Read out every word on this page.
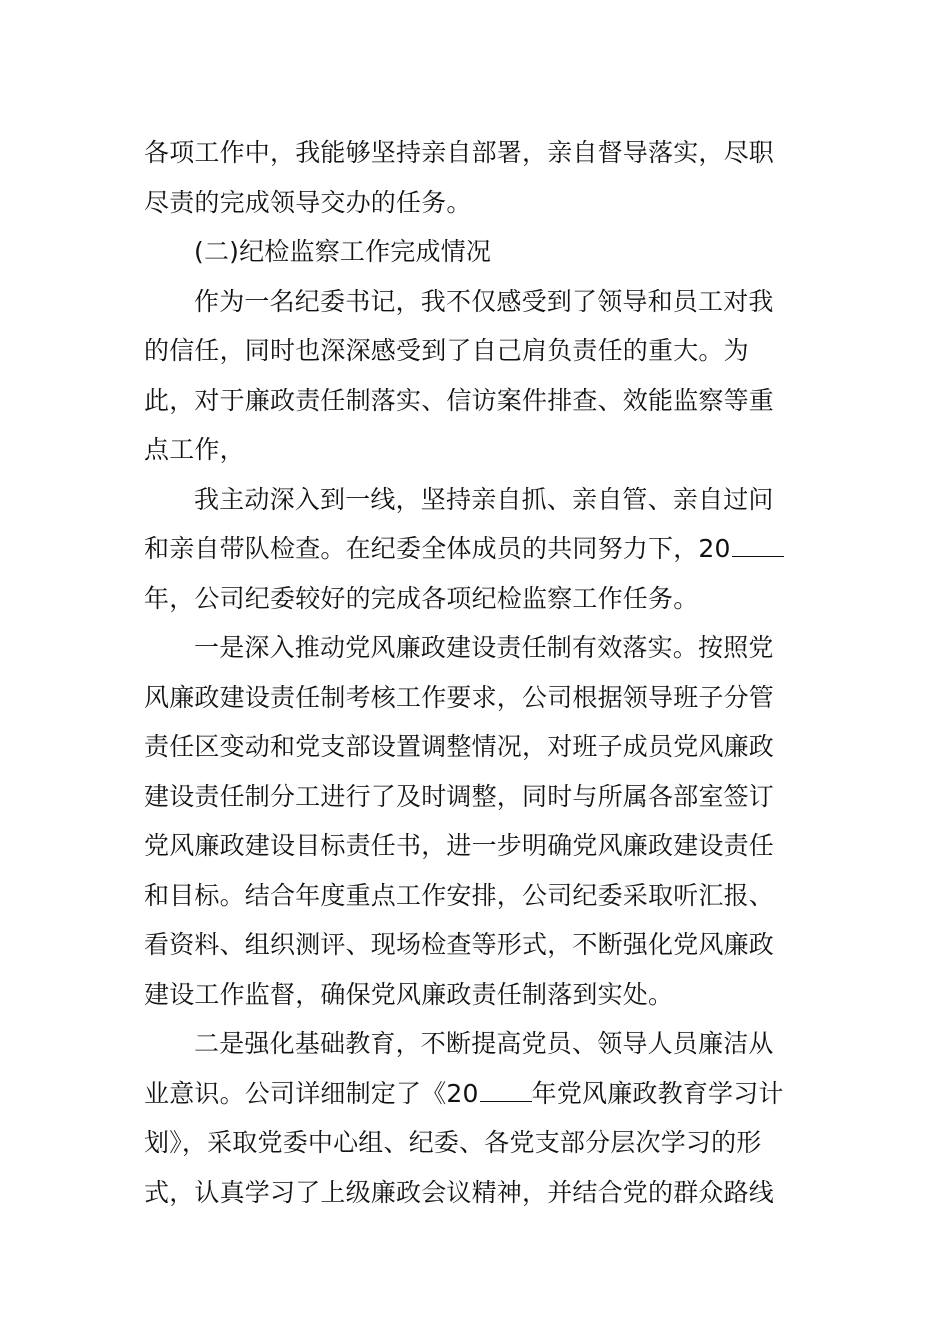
各项工作中，我能够坚持亲自部署，亲自督导落实，尽职
尽责的完成领导交办的任务。
(二)纪检监察工作完成情况
作为一名纪委书记，我不仅感受到了领导和员工对我
的信任，同时也深深感受到了自己肩负责任的重大。为
此，对于廉政责任制落实、信访案件排查、效能监察等重
点工作，
我主动深入到一线，坚持亲自抓、亲自管、亲自过问
和亲自带队检查。在纪委全体成员的共同努力下，20
年，公司纪委较好的完成各项纪检监察工作任务。
一是深入推动党风廉政建设责任制有效落实。按照党
风廉政建设责任制考核工作要求，公司根据领导班子分管
责任区变动和党支部设置调整情况，对班子成员党风廉政
建设责任制分工进行了及时调整，同时与所属各部室签订
党风廉政建设目标责任书，进一步明确党风廉政建设责任
和目标。结合年度重点工作安排，公司纪委采取听汇报、
看资料、组织测评、现场检查等形式，不断强化党风廉政
建设工作监督，确保党风廉政责任制落到实处。
二是强化基础教育，不断提高党员、领导人员廉洁从
业意识。公司详细制定了《20 年党风廉政教育学习计
划》，采取党委中心组、纪委、各党支部分层次学习的形
式，认真学习了上级廉政会议精神，并结合党的群众路线
